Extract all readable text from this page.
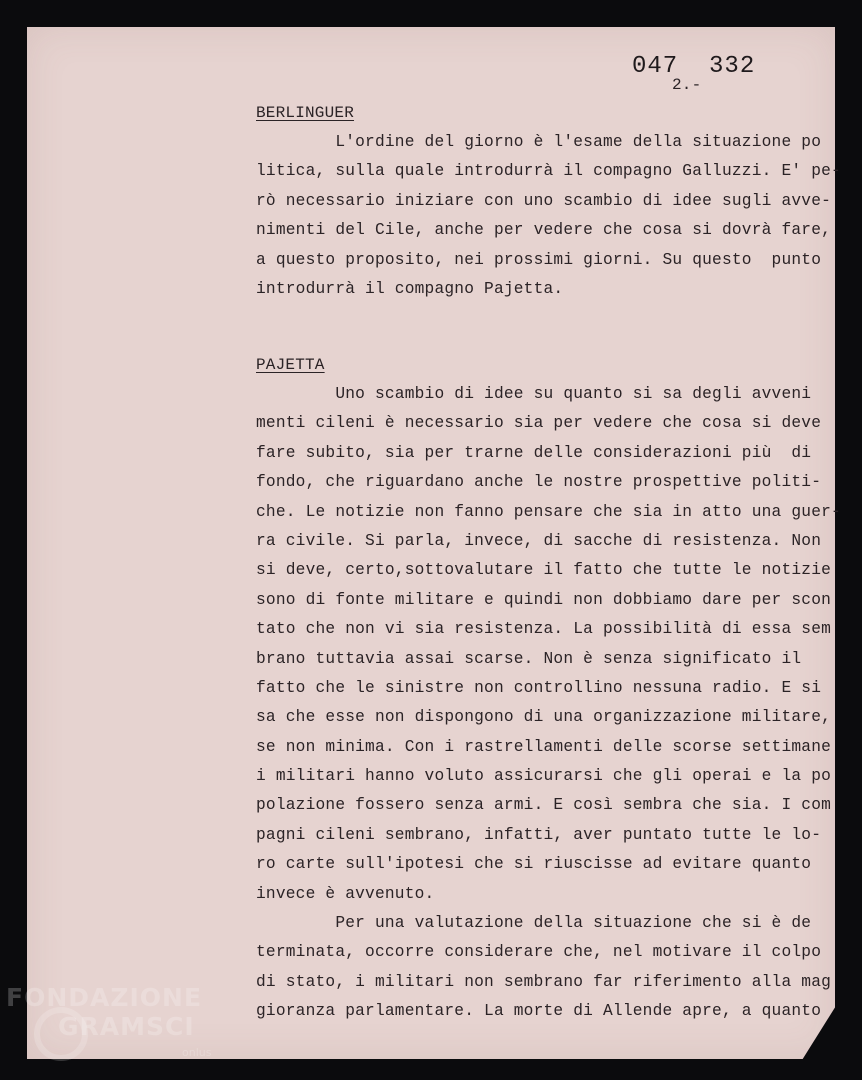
047  332
2.-
BERLINGUER
L'ordine del giorno è l'esame della situazione po
litica, sulla quale introdurrà il compagno Galluzzi. E' pe-
rò necessario iniziare con uno scambio di idee sugli avve-
nimenti del Cile, anche per vedere che cosa si dovrà fare,
a questo proposito, nei prossimi giorni. Su questo  punto
introdurrà il compagno Pajetta.
PAJETTA
Uno scambio di idee su quanto si sa degli avveni
menti cileni è necessario sia per vedere che cosa si deve
fare subito, sia per trarne delle considerazioni più  di
fondo, che riguardano anche le nostre prospettive politi-
che. Le notizie non fanno pensare che sia in atto una guer-
ra civile. Si parla, invece, di sacche di resistenza. Non
si deve, certo,sottovalutare il fatto che tutte le notizie
sono di fonte militare e quindi non dobbiamo dare per scon
tato che non vi sia resistenza. La possibilità di essa sem
brano tuttavia assai scarse. Non è senza significato il
fatto che le sinistre non controllino nessuna radio. E si
sa che esse non dispongono di una organizzazione militare,
se non minima. Con i rastrellamenti delle scorse settimane
i militari hanno voluto assicurarsi che gli operai e la po
polazione fossero senza armi. E così sembra che sia. I com
pagni cileni sembrano, infatti, aver puntato tutte le lo-
ro carte sull'ipotesi che si riuscisse ad evitare quanto
invece è avvenuto.
Per una valutazione della situazione che si è de
terminata, occorre considerare che, nel motivare il colpo
di stato, i militari non sembrano far riferimento alla mag
gioranza parlamentare. La morte di Allende apre, a quanto
FONDAZIONE
GRAMSCI
onlus
